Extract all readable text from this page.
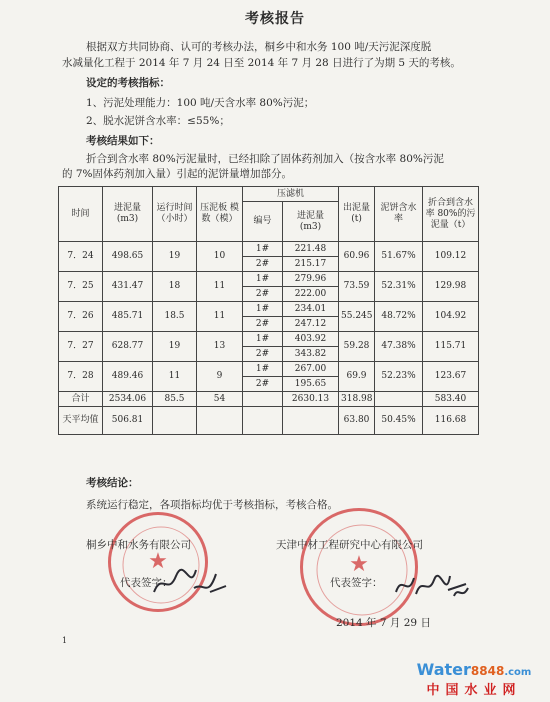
考核报告
根据双方共同协商、认可的考核办法，桐乡中和水务 100 吨/天污泥深度脱
水减量化工程于 2014 年 7 月 24 日至 2014 年 7 月 28 日进行了为期 5 天的考核。
设定的考核指标：
1、污泥处理能力：100 吨/天含水率 80%污泥；
2、脱水泥饼含水率：≤55%；
考核结果如下：
折合到含水率 80%污泥量时，已经扣除了固体药剂加入（按含水率 80%污泥
的 7%固体药剂加入量）引起的泥饼量增加部分。
时间	进泥量 (m3)	运行时间（小时）	压泥板 模 数（模）	压滤机		出泥量(t)	泥饼含水率	折合到含水率 80%的污泥量（t）
				编号	进泥量 (m3)			
7．24	498.65	19	10	1#	221.48	60.96	51.67%	109.12
				2#	215.17			
7．25	431.47	18	11	1#	279.96	73.59	52.31%	129.98
				2#	222.00			
7．26	485.71	18.5	11	1#	234.01	55.245	48.72%	104.92
				2#	247.12			
7．27	628.77	19	13	1#	403.92	59.28	47.38%	115.71
				2#	343.82			
7．28	489.46	11	9	1#	267.00	69.9	52.23%	123.67
				2#	195.65			
合计	2534.06	85.5	54		2630.13	318.98		583.40
天平均值	506.81					63.80	50.45%	116.68
考核结论：
系统运行稳定，各项指标均优于考核指标，考核合格。
★	★
桐乡中和水务有限公司	天津中材工程研究中心有限公司
代表签字：	代表签字：
2014 年 7 月 29 日
1
Water8848.com
中国水业网
